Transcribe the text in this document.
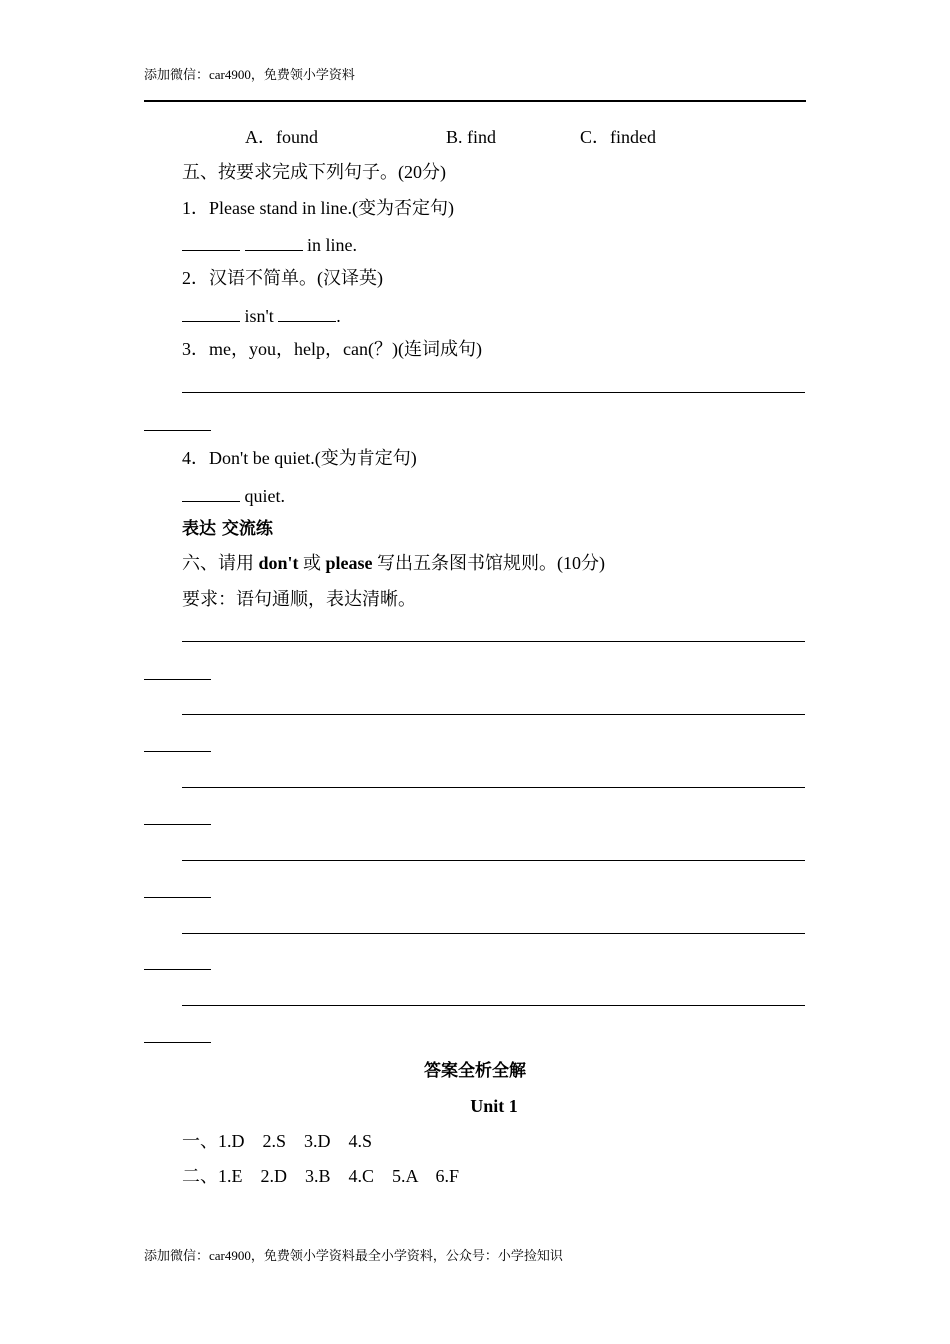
添加微信：car4900，免费领小学资料
A．found	B. find	C．finded
五、按要求完成下列句子。(20分)
1．Please stand in line.(变为否定句)
in line.
2．汉语不简单。(汉译英)
isn't	.
3．me，you，help，can(？)(连词成句)
4．Don't be quiet.(变为肯定句)
quiet.
表达 交流练
六、请用 don't 或 please 写出五条图书馆规则。(10分)
要求：语句通顺，表达清晰。
答案全析全解
Unit 1
一、1.D    2.S    3.D    4.S
二、1.E    2.D    3.B    4.C    5.A    6.F
添加微信：car4900，免费领小学资料最全小学资料，公众号：小学捡知识
